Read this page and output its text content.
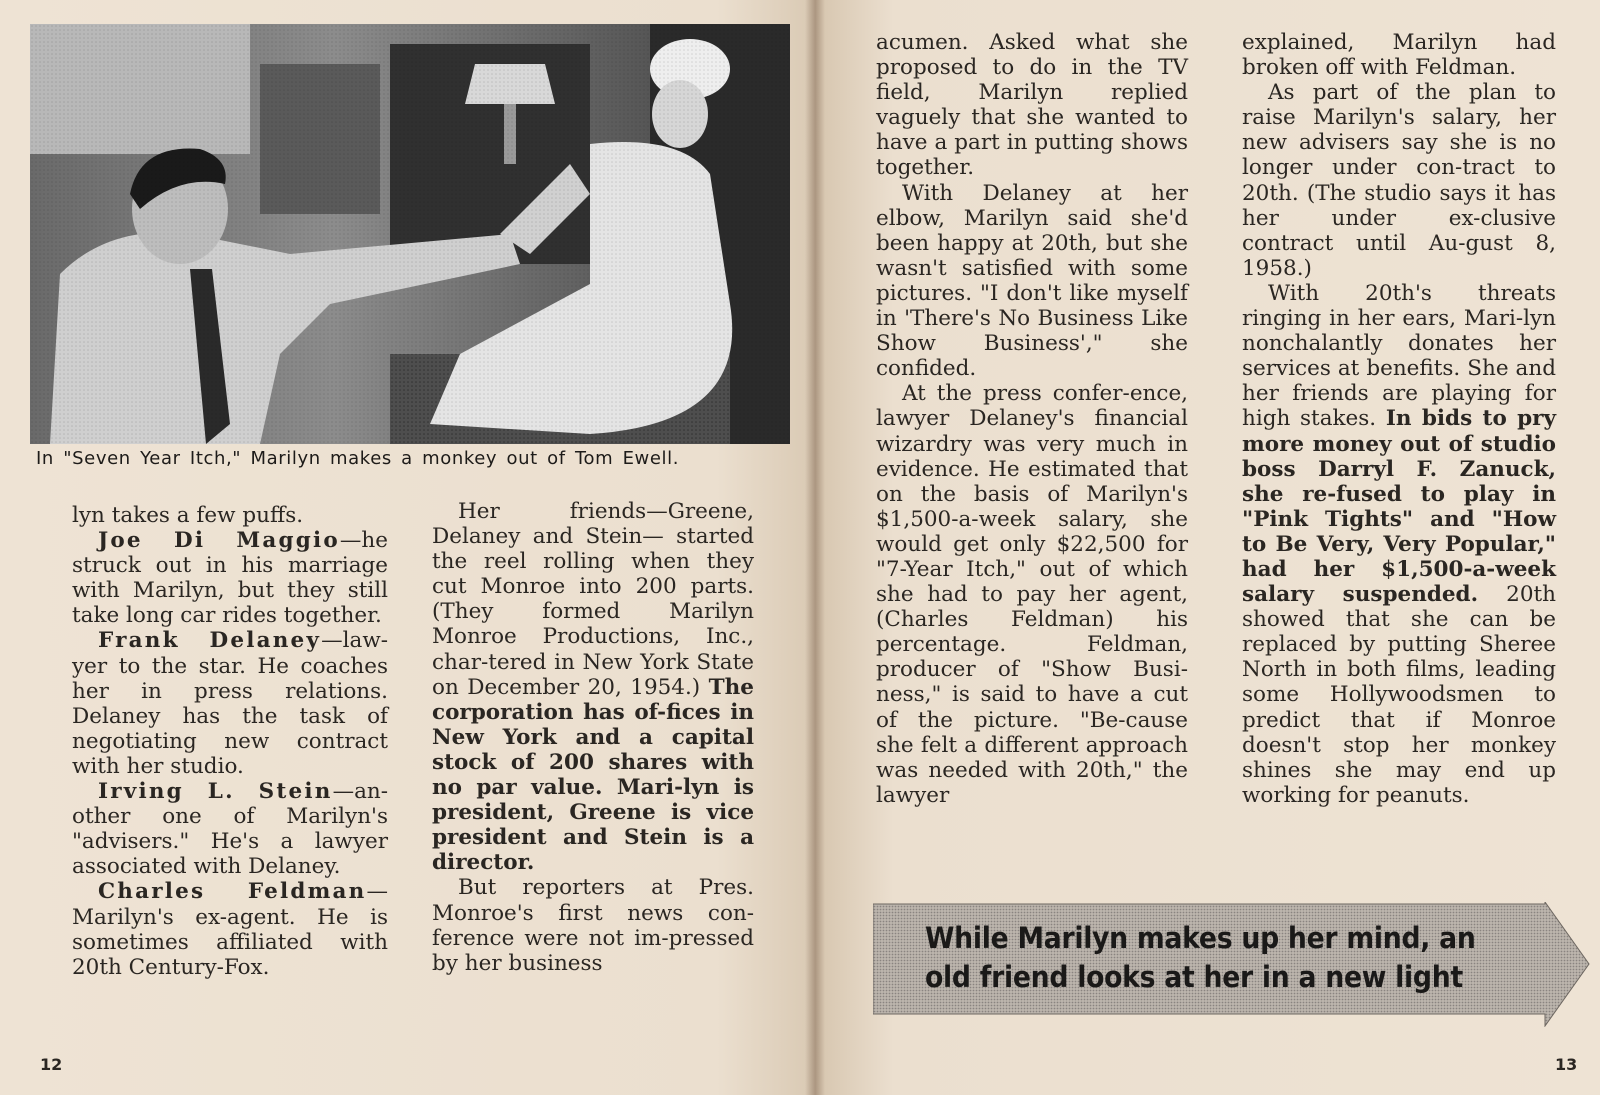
In "Seven Year Itch," Marilyn makes a monkey out of Tom Ewell.

lyn takes a few puffs.

Joe Di Maggio—he struck out in his marriage with Marilyn, but they still take long car rides together.

Frank Delaney—law-yer to the star. He coaches her in press relations. Delaney has the task of negotiating new contract with her studio.

Irving L. Stein—an-other one of Marilyn's "advisers." He's a lawyer associated with Delaney.

Charles Feldman— Marilyn's ex-agent. He is sometimes affiliated with 20th Century-Fox.

Her friends—Greene, Delaney and Stein— started the reel rolling when they cut Monroe into 200 parts. (They formed Marilyn Monroe Productions, Inc., char-tered in New York State on December 20, 1954.) The corporation has of-fices in New York and a capital stock of 200 shares with no par value. Mari-lyn is president, Greene is vice president and Stein is a director.

But reporters at Pres. Monroe's first news con-ference were not im-pressed by her business

acumen. Asked what she proposed to do in the TV field, Marilyn replied vaguely that she wanted to have a part in putting shows together.

With Delaney at her elbow, Marilyn said she'd been happy at 20th, but she wasn't satisfied with some pictures. "I don't like myself in 'There's No Business Like Show Business'," she confided.

At the press confer-ence, lawyer Delaney's financial wizardry was very much in evidence. He estimated that on the basis of Marilyn's $1,500-a-week salary, she would get only $22,500 for "7-Year Itch," out of which she had to pay her agent, (Charles Feldman) his percentage. Feldman, producer of "Show Busi-ness," is said to have a cut of the picture. "Be-cause she felt a different approach was needed with 20th," the lawyer

explained, Marilyn had broken off with Feldman.

As part of the plan to raise Marilyn's salary, her new advisers say she is no longer under con-tract to 20th. (The studio says it has her under ex-clusive contract until Au-gust 8, 1958.)

With 20th's threats ringing in her ears, Mari-lyn nonchalantly donates her services at benefits. She and her friends are playing for high stakes. In bids to pry more money out of studio boss Darryl F. Zanuck, she re-fused to play in "Pink Tights" and "How to Be Very, Very Popular," had her $1,500-a-week salary suspended. 20th showed that she can be replaced by putting Sheree North in both films, leading some Hollywoodsmen to predict that if Monroe doesn't stop her monkey shines she may end up working for peanuts.

While Marilyn makes up her mind, an
old friend looks at her in a new light
12	13
